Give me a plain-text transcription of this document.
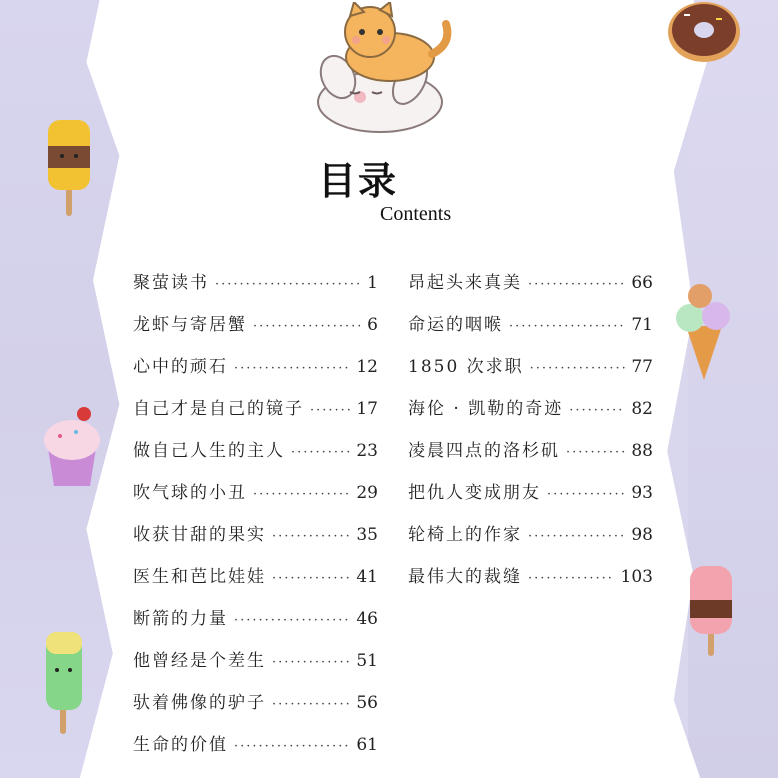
目录
Contents
聚萤读书 ·····	1
龙虾与寄居蟹 ·····	6
心中的顽石 ·····	12
自己才是自己的镜子 ·····	17
做自己人生的主人 ·····	23
吹气球的小丑 ·····	29
收获甘甜的果实 ·····	35
医生和芭比娃娃 ·····	41
断箭的力量 ·····	46
他曾经是个差生 ·····	51
驮着佛像的驴子 ·····	56
生命的价值 ·····	61
昂起头来真美 ·····	66
命运的咽喉 ·····	71
1850 次求职 ·····	77
海伦 · 凯勒的奇迹 ·····	82
凌晨四点的洛杉矶 ·····	88
把仇人变成朋友 ·····	93
轮椅上的作家 ·····	98
最伟大的裁缝 ·····	103
